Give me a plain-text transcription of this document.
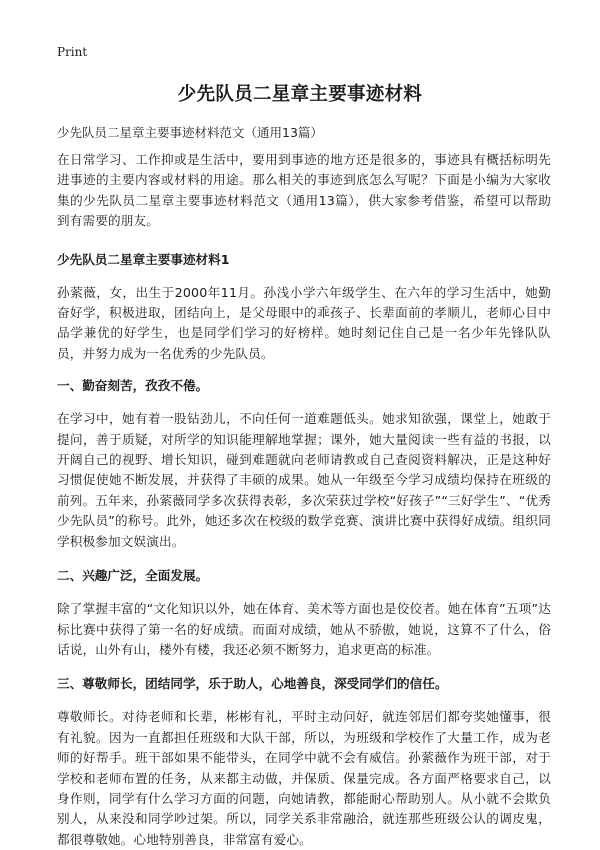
Print
少先队员二星章主要事迹材料
少先队员二星章主要事迹材料范文（通用13篇）

在日常学习、工作抑或是生活中，要用到事迹的地方还是很多的，事迹具有概括标明先进事迹的主要内容或材料的用途。那么相关的事迹到底怎么写呢？下面是小编为大家收集的少先队员二星章主要事迹材料范文（通用13篇），供大家参考借鉴，希望可以帮助到有需要的朋友。

少先队员二星章主要事迹材料1

孙萦薇，女，出生于2000年11月。孙浅小学六年级学生、在六年的学习生活中，她勤奋好学，积极进取，团结向上，是父母眼中的乖孩子、长辈面前的孝顺儿，老师心目中品学兼优的好学生，也是同学们学习的好榜样。她时刻记住自己是一名少年先锋队队员，并努力成为一名优秀的少先队员。

一、勤奋刻苦，孜孜不倦。

在学习中，她有着一股钻劲儿，不向任何一道难题低头。她求知欲强，课堂上，她敢于提问，善于质疑，对所学的知识能理解地掌握；课外，她大量阅读一些有益的书报，以开阔自己的视野、增长知识，碰到难题就向老师请教或自己查阅资料解决，正是这种好习惯促使她不断发展，并获得了丰硕的成果。她从一年级至今学习成绩均保持在班级的前列。五年来，孙萦薇同学多次获得表彰，多次荣获过学校“好孩子”“三好学生”、“优秀少先队员”的称号。此外，她还多次在校级的数学竞赛、演讲比赛中获得好成绩。组织同学积极参加文娱演出。

二、兴趣广泛，全面发展。

除了掌握丰富的“文化知识以外，她在体育、美术等方面也是佼佼者。她在体育”五项”达标比赛中获得了第一名的好成绩。而面对成绩，她从不骄傲，她说，这算不了什么，俗话说，山外有山，楼外有楼，我还必须不断努力，追求更高的标准。

三、尊敬师长，团结同学，乐于助人，心地善良，深受同学们的信任。

尊敬师长。对待老师和长辈，彬彬有礼，平时主动问好，就连邻居们都夸奖她懂事，很有礼貌。因为一直都担任班级和大队干部，所以，为班级和学校作了大量工作，成为老师的好帮手。班干部如果不能带头，在同学中就不会有威信。孙萦薇作为班干部，对于学校和老师布置的任务，从来都主动做，并保质、保量完成。各方面严格要求自己，以身作则，同学有什么学习方面的问题，向她请教，都能耐心帮助别人。从小就不会欺负别人，从来没和同学吵过架。所以，同学关系非常融洽，就连那些班级公认的调皮鬼，都很尊敬她。心地特别善良，非常富有爱心。
